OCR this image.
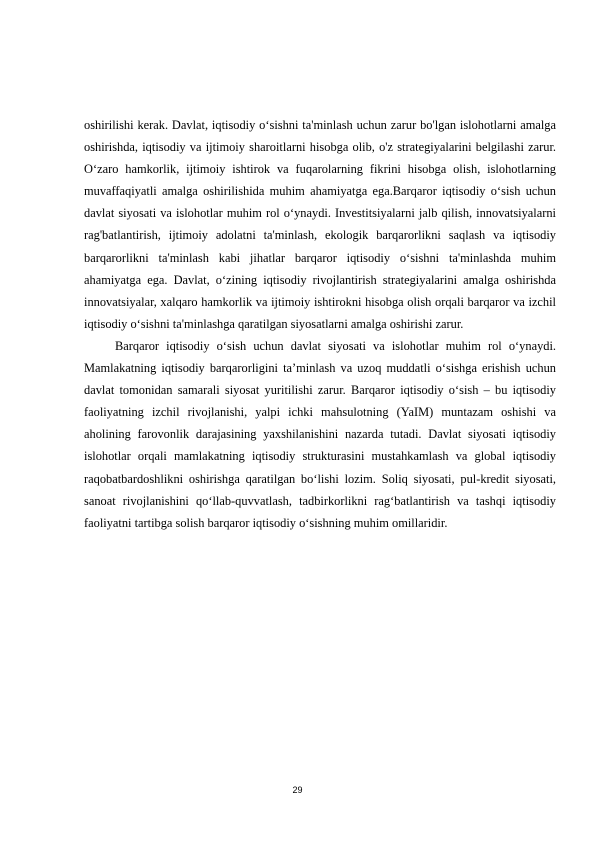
oshirilishi kerak. Davlat, iqtisodiy o‘sishni ta'minlash uchun zarur bo'lgan islohotlarni amalga oshirishda, iqtisodiy va ijtimoiy sharoitlarni hisobga olib, o'z strategiyalarini belgilashi zarur. O‘zaro hamkorlik, ijtimoiy ishtirok va fuqarolarning fikrini hisobga olish, islohotlarning muvaffaqiyatli amalga oshirilishida muhim ahamiyatga ega.Barqaror iqtisodiy o‘sish uchun davlat siyosati va islohotlar muhim rol o‘ynaydi. Investitsiyalarni jalb qilish, innovatsiyalarni rag'batlantirish, ijtimoiy adolatni ta'minlash, ekologik barqarorlikni saqlash va iqtisodiy barqarorlikni ta'minlash kabi jihatlar barqaror iqtisodiy o‘sishni ta'minlashda muhim ahamiyatga ega. Davlat, o‘zining iqtisodiy rivojlantirish strategiyalarini amalga oshirishda innovatsiyalar, xalqaro hamkorlik va ijtimoiy ishtirokni hisobga olish orqali barqaror va izchil iqtisodiy o‘sishni ta'minlashga qaratilgan siyosatlarni amalga oshirishi zarur.

Barqaror iqtisodiy o‘sish uchun davlat siyosati va islohotlar muhim rol o‘ynaydi. Mamlakatning iqtisodiy barqarorligini ta’minlash va uzoq muddatli o‘sishga erishish uchun davlat tomonidan samarali siyosat yuritilishi zarur. Barqaror iqtisodiy o‘sish – bu iqtisodiy faoliyatning izchil rivojlanishi, yalpi ichki mahsulotning (YaIM) muntazam oshishi va aholining farovonlik darajasining yaxshilanishini nazarda tutadi. Davlat siyosati iqtisodiy islohotlar orqali mamlakatning iqtisodiy strukturasini mustahkamlash va global iqtisodiy raqobatbardoshlikni oshirishga qaratilgan bo‘lishi lozim. Soliq siyosati, pul-kredit siyosati, sanoat rivojlanishini qo‘llab-quvvatlash, tadbirkorlikni rag‘batlantirish va tashqi iqtisodiy faoliyatni tartibga solish barqaror iqtisodiy o‘sishning muhim omillaridir.

29
